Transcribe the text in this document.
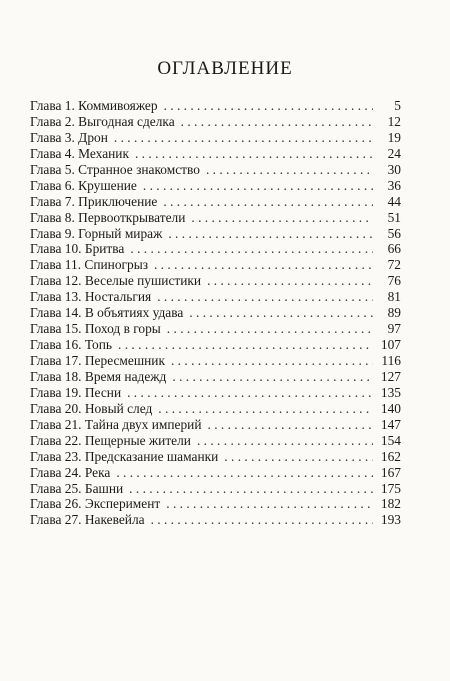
ОГЛАВЛЕНИЕ
Глава 1. Коммивояжер . . .	5
Глава 2. Выгодная сделка . . .	12
Глава 3. Дрон . . .	19
Глава 4. Механик . . .	24
Глава 5. Странное знакомство . . .	30
Глава 6. Крушение . . .	36
Глава 7. Приключение . . .	44
Глава 8. Первооткрыватели . . .	51
Глава 9. Горный мираж . . .	56
Глава 10. Бритва . . .	66
Глава 11. Спиногрыз . . .	72
Глава 12. Веселые пушистики . . .	76
Глава 13. Ностальгия . . .	81
Глава 14. В объятиях удава . . .	89
Глава 15. Поход в горы . . .	97
Глава 16. Топь . . .	107
Глава 17. Пересмешник . . .	116
Глава 18. Время надежд . . .	127
Глава 19. Песни . . .	135
Глава 20. Новый след . . .	140
Глава 21. Тайна двух империй . . .	147
Глава 22. Пещерные жители . . .	154
Глава 23. Предсказание шаманки . . .	162
Глава 24. Река . . .	167
Глава 25. Башни . . .	175
Глава 26. Эксперимент . . .	182
Глава 27. Накевейла . . .	193
